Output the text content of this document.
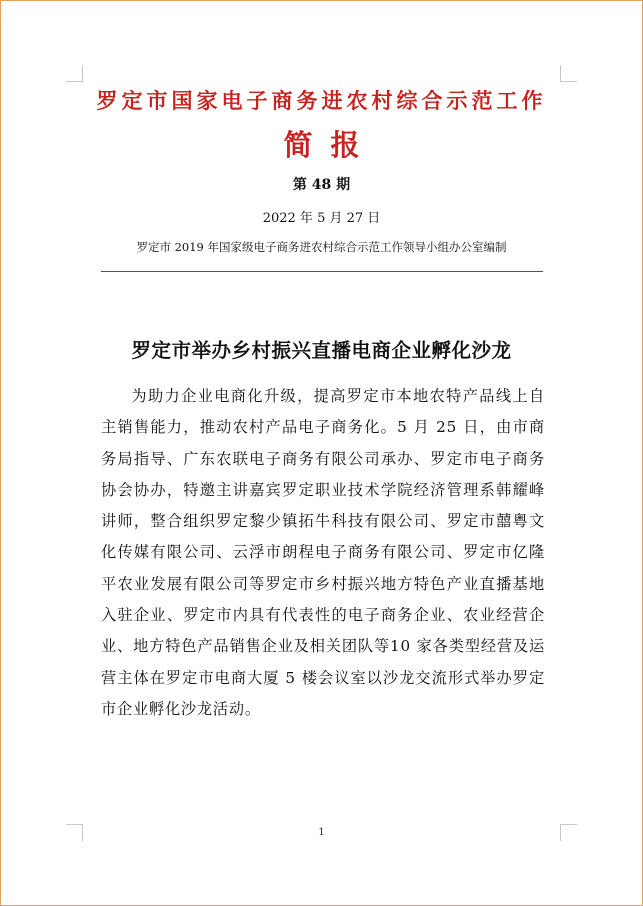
罗定市国家电子商务进农村综合示范工作
简报
第 48 期
2022 年 5 月 27 日
罗定市 2019 年国家级电子商务进农村综合示范工作领导小组办公室编制
罗定市举办乡村振兴直播电商企业孵化沙龙
为助力企业电商化升级，提高罗定市本地农特产品线上自主销售能力，推动农村产品电子商务化。5 月 25 日，由市商务局指导、广东农联电子商务有限公司承办、罗定市电子商务协会协办，特邀主讲嘉宾罗定职业技术学院经济管理系韩耀峰讲师，整合组织罗定黎少镇拓牛科技有限公司、罗定市囍粤文化传媒有限公司、云浮市朗程电子商务有限公司、罗定市亿隆平农业发展有限公司等罗定市乡村振兴地方特色产业直播基地入驻企业、罗定市内具有代表性的电子商务企业、农业经营企业、地方特色产品销售企业及相关团队等10 家各类型经营及运营主体在罗定市电商大厦 5 楼会议室以沙龙交流形式举办罗定市企业孵化沙龙活动。
1
